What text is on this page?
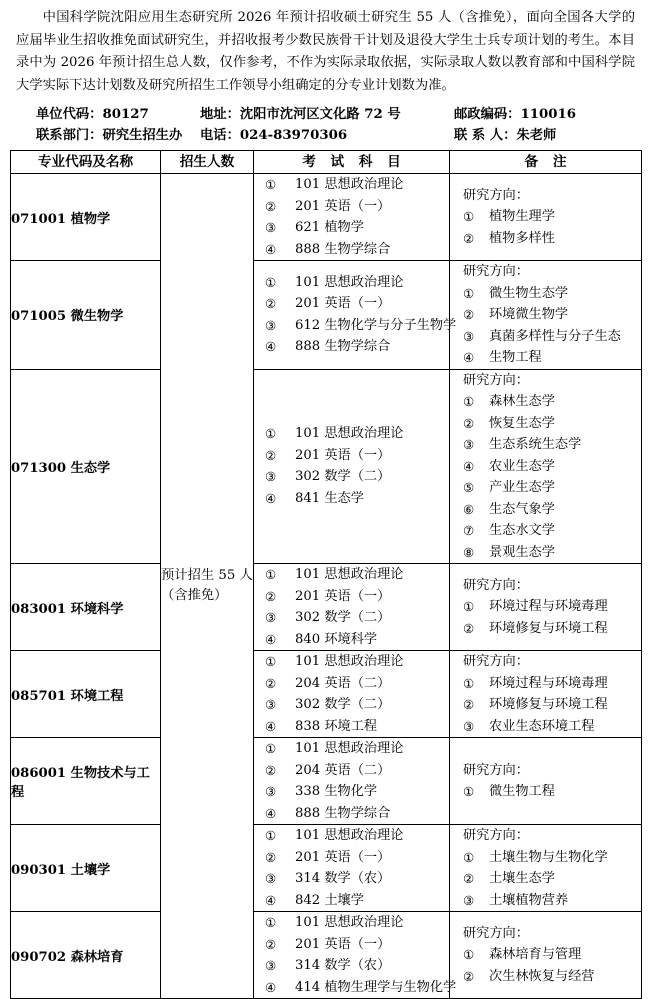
中国科学院沈阳应用生态研究所 2026 年预计招收硕士研究生 55 人（含推免），面向全国各大学的应届毕业生招收推免面试研究生，并招收报考少数民族骨干计划及退役大学生士兵专项计划的考生。本目录中为 2026 年预计招生总人数，仅作参考，不作为实际录取依据，实际录取人数以教育部和中国科学院大学实际下达计划数及研究所招生工作领导小组确定的分专业计划数为准。

单位代码：80127	地址：沈阳市沈河区文化路 72 号	邮政编码：110016
联系部门：研究生招生办	电话：024-83970306	联 系 人：朱老师
专业代码及名称	招生人数	考 试 科 目	备 注
071001 植物学	预计招生 55 人（含推免）	
①	101 思想政治理论
②	201 英语（一）
③	621 植物学
④	888 生物学综合

研究方向：
①	植物生理学
②	植物多样性

071005 微生物学	
①	101 思想政治理论
②	201 英语（一）
③	612 生物化学与分子生物学
④	888 生物学综合

研究方向：
①	微生物生态学
②	环境微生物学
③	真菌多样性与分子生态
④	生物工程

071300 生态学	
①	101 思想政治理论
②	201 英语（一）
③	302 数学（二）
④	841 生态学

研究方向：
①	森林生态学
②	恢复生态学
③	生态系统生态学
④	农业生态学
⑤	产业生态学
⑥	生态气象学
⑦	生态水文学
⑧	景观生态学

083001 环境科学	
①	101 思想政治理论
②	201 英语（一）
③	302 数学（二）
④	840 环境科学

研究方向：
①	环境过程与环境毒理
②	环境修复与环境工程

085701 环境工程	
①	101 思想政治理论
②	204 英语（二）
③	302 数学（二）
④	838 环境工程

研究方向：
①	环境过程与环境毒理
②	环境修复与环境工程
③	农业生态环境工程

086001 生物技术与工程	
①	101 思想政治理论
②	204 英语（二）
③	338 生物化学
④	888 生物学综合

研究方向：
①	微生物工程

090301 土壤学	
①	101 思想政治理论
②	201 英语（一）
③	314 数学（农）
④	842 土壤学

研究方向：
①	土壤生物与生物化学
②	土壤生态学
③	土壤植物营养

090702 森林培育	
①	101 思想政治理论
②	201 英语（一）
③	314 数学（农）
④	414 植物生理学与生物化学

研究方向：
①	森林培育与管理
②	次生林恢复与经营
